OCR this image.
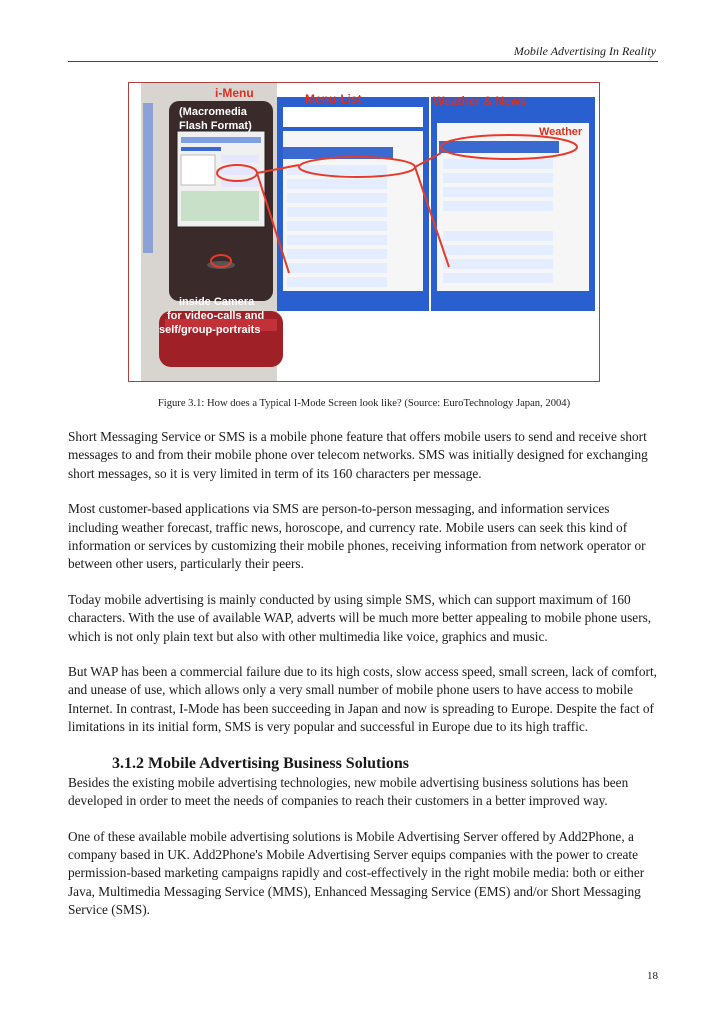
Mobile Advertising In Reality
i-Menu
(Macromedia
Flash Format)
Menu-List	Weather & News
Weather
inside Camera
for video-calls and
self/group-portraits
Figure 3.1: How does a Typical I-Mode Screen look like? (Source: EuroTechnology Japan, 2004)

Short Messaging Service or SMS is a mobile phone feature that offers mobile users to send and receive short messages to and from their mobile phone over telecom networks. SMS was initially designed for exchanging short messages, so it is very limited in term of its 160 characters per message.

Most customer-based applications via SMS are person-to-person messaging, and information services including weather forecast, traffic news, horoscope, and currency rate. Mobile users can seek this kind of information or services by customizing their mobile phones, receiving information from network operator or between other users, particularly their peers.

Today mobile advertising is mainly conducted by using simple SMS, which can support maximum of 160 characters. With the use of available WAP, adverts will be much more better appealing to mobile phone users, which is not only plain text but also with other multimedia like voice, graphics and music.

But WAP has been a commercial failure due to its high costs, slow access speed, small screen, lack of comfort, and unease of use, which allows only a very small number of mobile phone users to have access to mobile Internet. In contrast, I-Mode has been succeeding in Japan and now is spreading to Europe. Despite the fact of limitations in its initial form, SMS is very popular and successful in Europe due to its high traffic.

3.1.2 Mobile Advertising Business Solutions

Besides the existing mobile advertising technologies, new mobile advertising business solutions has been developed in order to meet the needs of companies to reach their customers in a better improved way.

One of these available mobile advertising solutions is Mobile Advertising Server offered by Add2Phone, a company based in UK. Add2Phone's Mobile Advertising Server equips companies with the power to create permission-based marketing campaigns rapidly and cost-effectively in the right mobile media: both or either Java, Multimedia Messaging Service (MMS), Enhanced Messaging Service (EMS) and/or Short Messaging Service (SMS).

18
